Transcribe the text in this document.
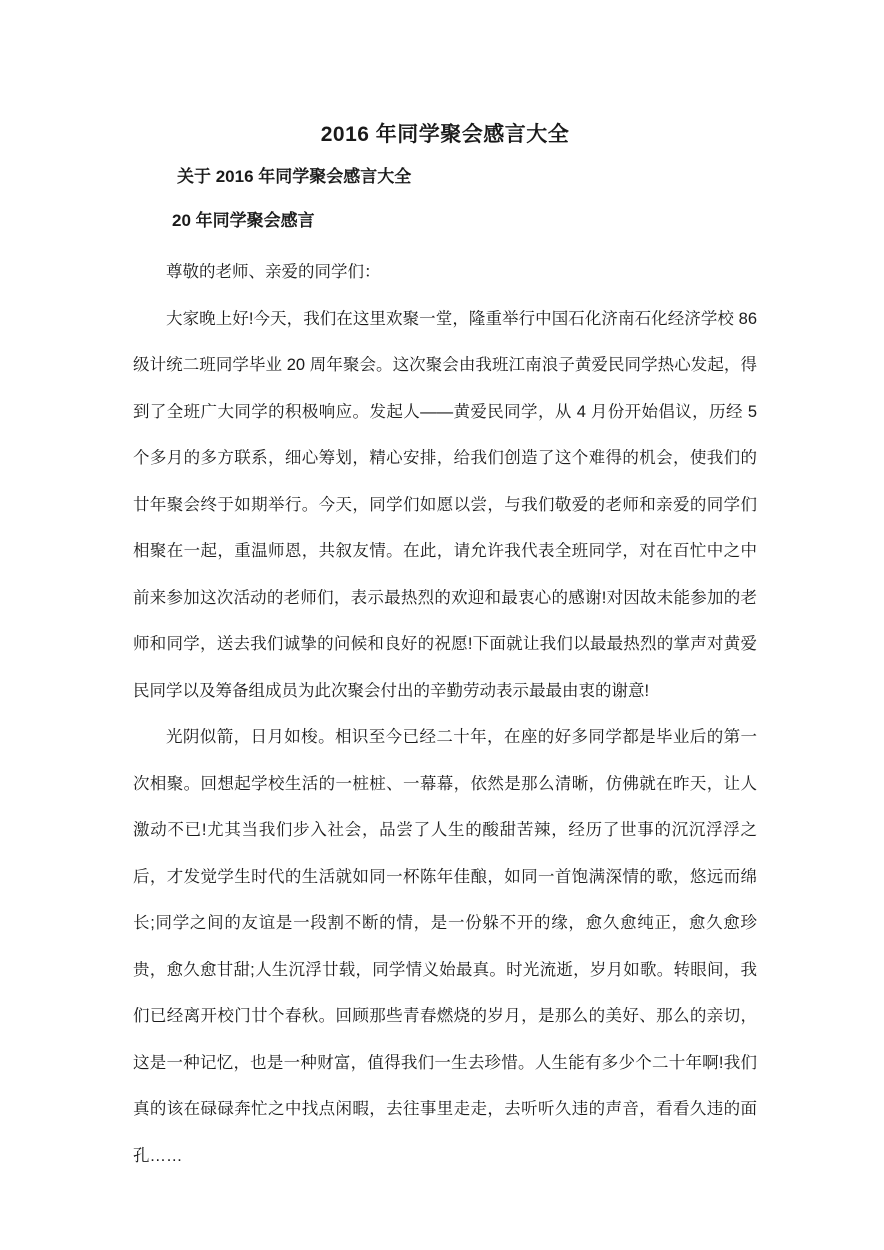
2016 年同学聚会感言大全
关于 2016 年同学聚会感言大全
20 年同学聚会感言

尊敬的老师、亲爱的同学们：

大家晚上好!今天，我们在这里欢聚一堂，隆重举行中国石化济南石化经济学校 86 级计统二班同学毕业 20 周年聚会。这次聚会由我班江南浪子黄爱民同学热心发起，得到了全班广大同学的积极响应。发起人——黄爱民同学，从 4 月份开始倡议，历经 5 个多月的多方联系，细心筹划，精心安排，给我们创造了这个难得的机会，使我们的廿年聚会终于如期举行。今天，同学们如愿以尝，与我们敬爱的老师和亲爱的同学们相聚在一起，重温师恩，共叙友情。在此，请允许我代表全班同学，对在百忙中之中前来参加这次活动的老师们，表示最热烈的欢迎和最衷心的感谢!对因故未能参加的老师和同学，送去我们诚挚的问候和良好的祝愿!下面就让我们以最最热烈的掌声对黄爱民同学以及筹备组成员为此次聚会付出的辛勤劳动表示最最由衷的谢意!

光阴似箭，日月如梭。相识至今已经二十年，在座的好多同学都是毕业后的第一次相聚。回想起学校生活的一桩桩、一幕幕，依然是那么清晰，仿佛就在昨天，让人激动不已!尤其当我们步入社会，品尝了人生的酸甜苦辣，经历了世事的沉沉浮浮之后，才发觉学生时代的生活就如同一杯陈年佳酿，如同一首饱满深情的歌，悠远而绵长;同学之间的友谊是一段割不断的情，是一份躲不开的缘，愈久愈纯正，愈久愈珍贵，愈久愈甘甜;人生沉浮廿载，同学情义始最真。时光流逝，岁月如歌。转眼间，我们已经离开校门廿个春秋。回顾那些青春燃烧的岁月，是那么的美好、那么的亲切，这是一种记忆，也是一种财富，值得我们一生去珍惜。人生能有多少个二十年啊!我们真的该在碌碌奔忙之中找点闲暇，去往事里走走，去听听久违的声音，看看久违的面孔……
